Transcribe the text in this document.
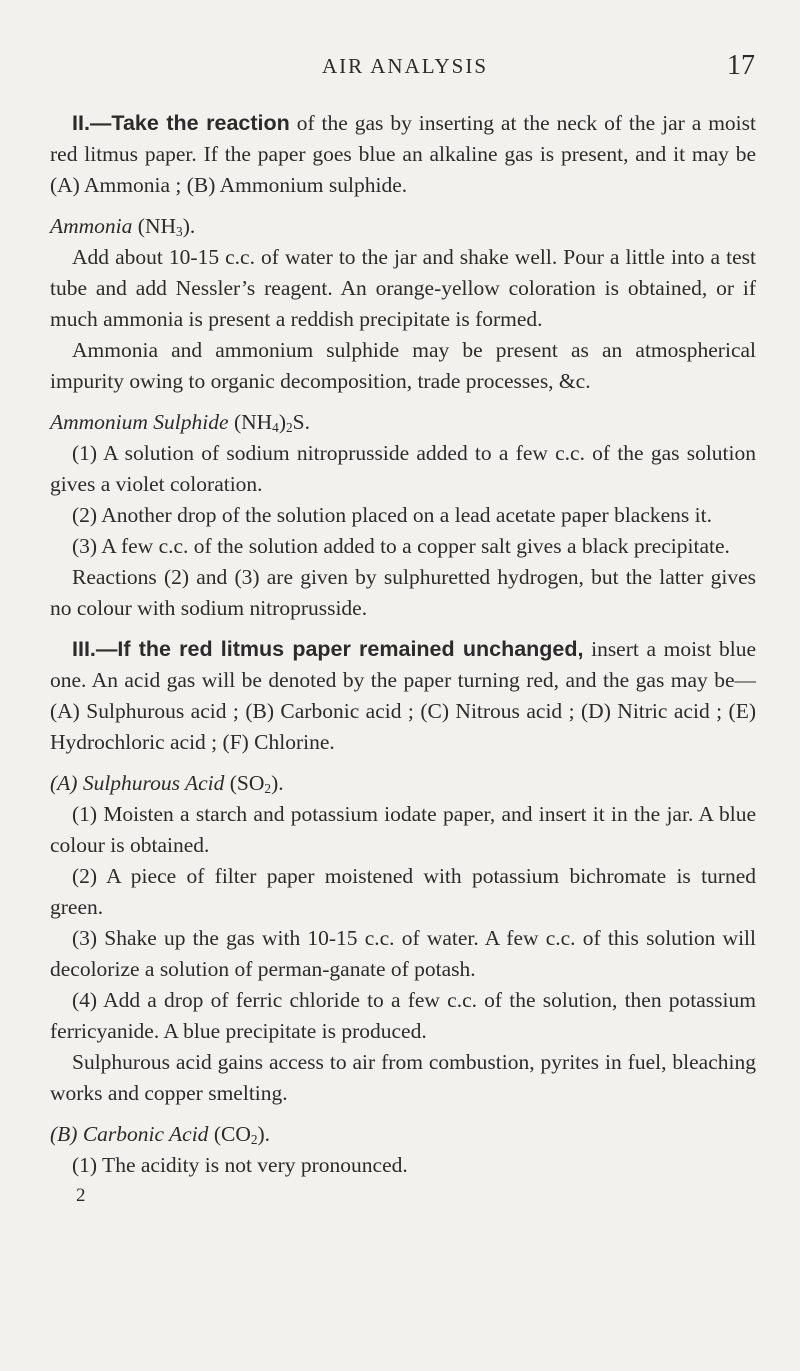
AIR ANALYSIS	17

II.—Take the reaction of the gas by inserting at the neck of the jar a moist red litmus paper. If the paper goes blue an alkaline gas is present, and it may be (A) Ammonia ; (B) Ammonium sulphide.

Ammonia $(NH_3)$.

Add about 10-15 c.c. of water to the jar and shake well. Pour a little into a test tube and add Nessler’s reagent. An orange-yellow coloration is obtained, or if much ammonia is present a reddish precipitate is formed.

Ammonia and ammonium sulphide may be present as an atmospherical impurity owing to organic decomposition, trade processes, &c.

Ammonium Sulphide $(NH_4)_2S$.

(1) A solution of sodium nitroprusside added to a few c.c. of the gas solution gives a violet coloration.

(2) Another drop of the solution placed on a lead acetate paper blackens it.

(3) A few c.c. of the solution added to a copper salt gives a black precipitate.

Reactions (2) and (3) are given by sulphuretted hydrogen, but the latter gives no colour with sodium nitroprusside.

III.—If the red litmus paper remained unchanged, insert a moist blue one. An acid gas will be denoted by the paper turning red, and the gas may be—(A) Sulphurous acid ; (B) Carbonic acid ; (C) Nitrous acid ; (D) Nitric acid ; (E) Hydrochloric acid ; (F) Chlorine.

(A) Sulphurous Acid $(SO_2)$.

(1) Moisten a starch and potassium iodate paper, and insert it in the jar. A blue colour is obtained.

(2) A piece of filter paper moistened with potassium bichromate is turned green.

(3) Shake up the gas with 10-15 c.c. of water. A few c.c. of this solution will decolorize a solution of perman-ganate of potash.

(4) Add a drop of ferric chloride to a few c.c. of the solution, then potassium ferricyanide. A blue precipitate is produced.

Sulphurous acid gains access to air from combustion, pyrites in fuel, bleaching works and copper smelting.

(B) Carbonic Acid $(CO_2)$.

(1) The acidity is not very pronounced.

2
